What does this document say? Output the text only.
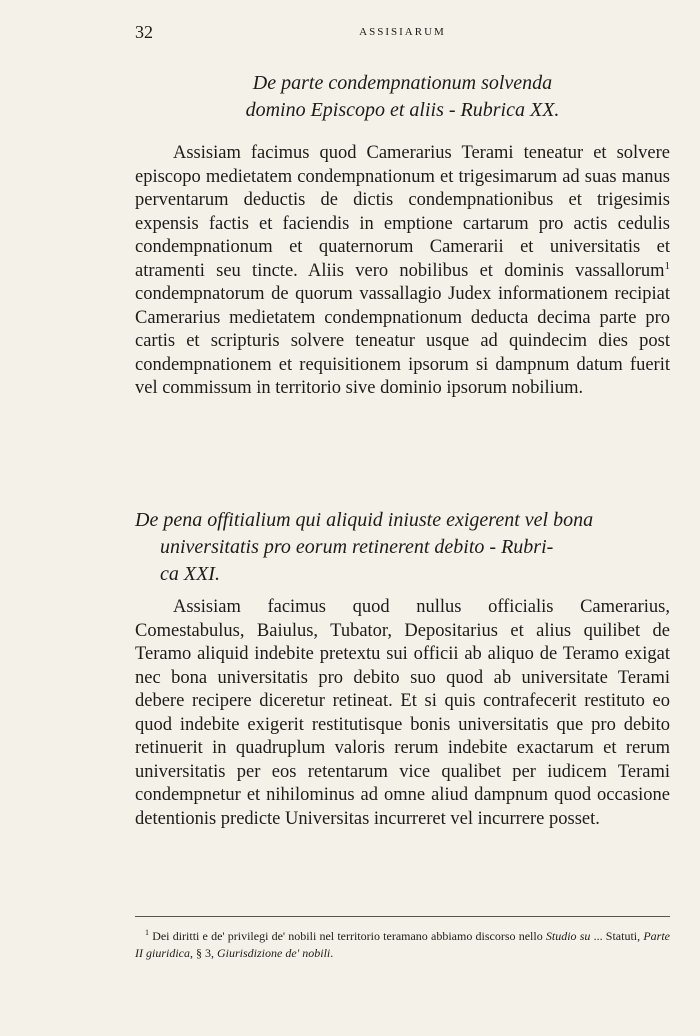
32	ASSISIARUM
De parte condempnationum solvenda
domino Episcopo et aliis - Rubrica XX.

Assisiam facimus quod Camerarius Terami teneatur et solvere episcopo medietatem condempnationum et trigesimarum ad suas manus perventarum deductis de dictis condempnationibus et trigesimis expensis factis et faciendis in emptione cartarum pro actis cedulis condempnationum et quaternorum Camerarii et universitatis et atramenti seu tincte. Aliis vero nobilibus et dominis vassallorum$^1$ condempnatorum de quorum vassallagio Judex informationem recipiat Camerarius medietatem condempnationum deducta decima parte pro cartis et scripturis solvere teneatur usque ad quindecim dies post condempnationem et requisitionem ipsorum si dampnum datum fuerit vel commissum in territorio sive dominio ipsorum nobilium.

De pena offitialium qui aliquid iniuste exigerent vel bona
universitatis pro eorum retinerent debito - Rubri-
ca XXI.

Assisiam facimus quod nullus officialis Camerarius, Comestabulus, Baiulus, Tubator, Depositarius et alius quilibet de Teramo aliquid indebite pretextu sui officii ab aliquo de Teramo exigat nec bona universitatis pro debito suo quod ab universitate Terami debere recipere diceretur retineat. Et si quis contrafecerit restituto eo quod indebite exigerit restitutisque bonis universitatis que pro debito retinuerit in quadruplum valoris rerum indebite exactarum et rerum universitatis per eos retentarum vice qualibet per iudicem Terami condempnetur et nihilominus ad omne aliud dampnum quod occasione detentionis predicte Universitas incurreret vel incurrere posset.

$^1$ Dei diritti e de' privilegi de' nobili nel territorio teramano abbiamo discorso nello Studio su ... Statuti, Parte II giuridica, § 3, Giurisdizione de' nobili.
